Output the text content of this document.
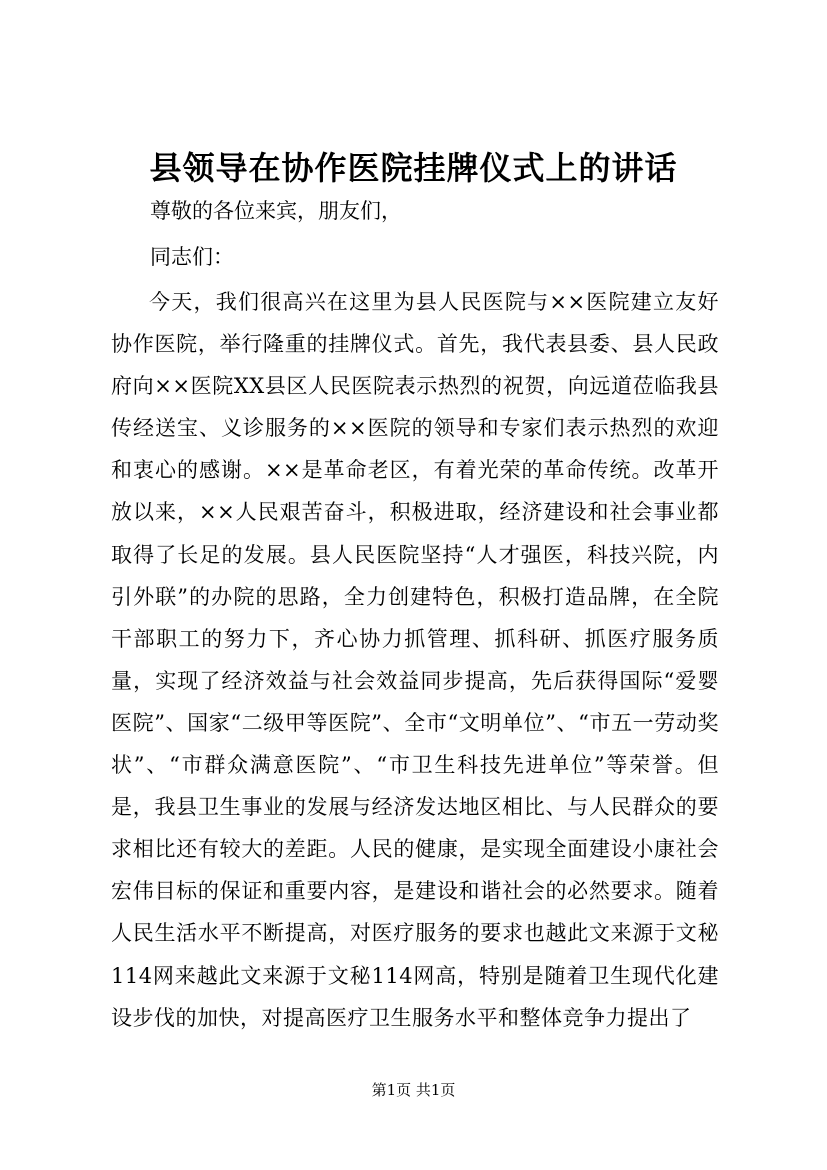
县领导在协作医院挂牌仪式上的讲话

尊敬的各位来宾，朋友们，

同志们：

今天，我们很高兴在这里为县人民医院与××医院建立友好协作医院，举行隆重的挂牌仪式。首先，我代表县委、县人民政府向××医院XX县区人民医院表示热烈的祝贺，向远道莅临我县传经送宝、义诊服务的××医院的领导和专家们表示热烈的欢迎和衷心的感谢。××是革命老区，有着光荣的革命传统。改革开放以来，××人民艰苦奋斗，积极进取，经济建设和社会事业都取得了长足的发展。县人民医院坚持“人才强医，科技兴院，内引外联”的办院的思路，全力创建特色，积极打造品牌，在全院干部职工的努力下，齐心协力抓管理、抓科研、抓医疗服务质量，实现了经济效益与社会效益同步提高，先后获得国际“爱婴医院”、国家“二级甲等医院”、全市“文明单位”、“市五一劳动奖状”、“市群众满意医院”、“市卫生科技先进单位”等荣誉。但是，我县卫生事业的发展与经济发达地区相比、与人民群众的要求相比还有较大的差距。人民的健康，是实现全面建设小康社会宏伟目标的保证和重要内容，是建设和谐社会的必然要求。随着人民生活水平不断提高，对医疗服务的要求也越此文来源于文秘114网来越此文来源于文秘114网高，特别是随着卫生现代化建设步伐的加快，对提高医疗卫生服务水平和整体竞争力提出了

第1页 共1页
